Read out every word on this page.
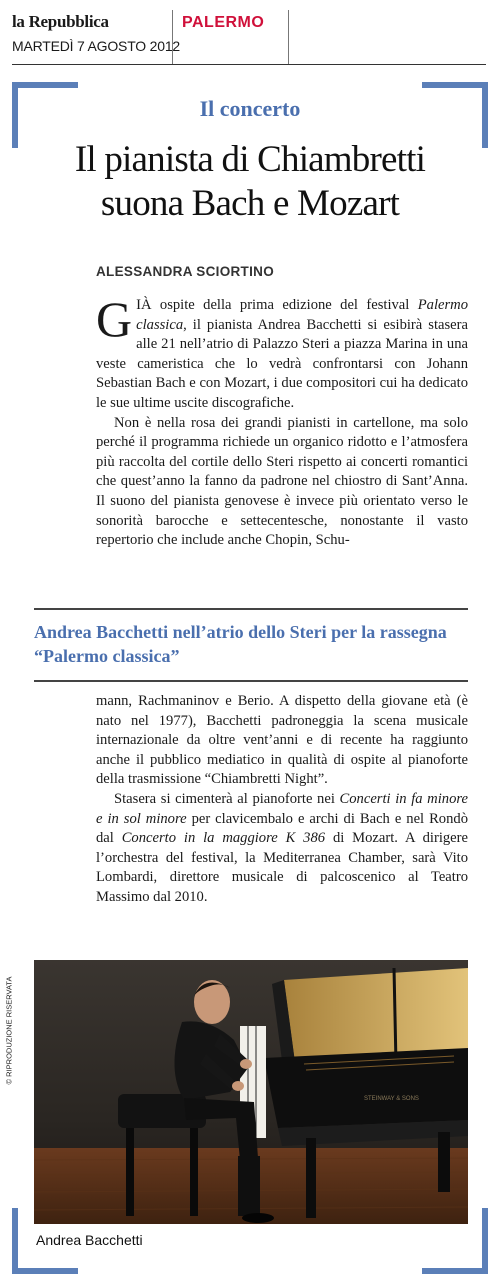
la Repubblica	PALERMO
MARTEDÌ 7 AGOSTO 2012
Il concerto
Il pianista di Chiambretti
suona Bach e Mozart
ALESSANDRA SCIORTINO

GIÀ ospite della prima edizione del festival Palermo classica, il pianista Andrea Bacchetti si esibirà stasera alle 21 nell’atrio di Palazzo Steri a piazza Marina in una veste cameristica che lo vedrà confrontarsi con Johann Sebastian Bach e con Mozart, i due compositori cui ha dedicato le sue ultime uscite discografiche.

Non è nella rosa dei grandi pianisti in cartellone, ma solo perché il programma richiede un organico ridotto e l’atmosfera più raccolta del cortile dello Steri rispetto ai concerti romantici che quest’anno la fanno da padrone nel chiostro di Sant’Anna. Il suono del pianista genovese è invece più orientato verso le sonorità barocche e settecentesche, nonostante il vasto repertorio che include anche Chopin, Schu-

Andrea Bacchetti nell’atrio dello Steri per la rassegna “Palermo classica”

mann, Rachmaninov e Berio. A dispetto della giovane età (è nato nel 1977), Bacchetti padroneggia la scena musicale internazionale da oltre vent’anni e di recente ha raggiunto anche il pubblico mediatico in qualità di ospite al pianoforte della trasmissione “Chiambretti Night”.

Stasera si cimenterà al pianoforte nei Concerti in fa minore e in sol minore per clavicembalo e archi di Bach e nel Rondò dal Concerto in la maggiore K 386 di Mozart. A dirigere l’orchestra del festival, la Mediterranea Chamber, sarà Vito Lombardi, direttore musicale di palcoscenico al Teatro Massimo dal 2010.

© RIPRODUZIONE RISERVATA
STEINWAY & SONS
Andrea Bacchetti
